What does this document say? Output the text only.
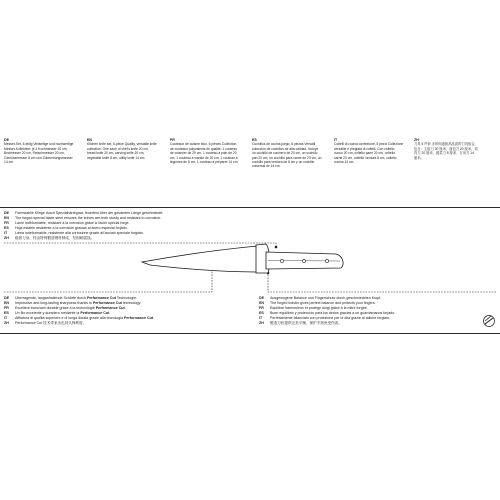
DE
Messer-Set, 6-teilig Vielseitige und hochwertige Messer-Kollektion: je 1 Kochmesser 20 cm, Brotmesser 20 cm, Fleischmesser 20 cm, Gemüsemesser 8 cm und Zubereitungsmesser 14 cm.
EN
Kitchen knife set, 6-piece Quality, versatile knife collection: One each of chef's knife 20 cm, bread knife 20 cm, carving knife 20 cm, vegetable knife 8 cm, utility knife 14 cm.
FR
Couteaux de cuisine bloc, 6 pièces Collection de couteaux polyvalents de qualité: 1 couteau de cuisinier de 20 cm, 1 couteau à pain de 20 cm, 1 couteau à viande de 20 cm, 1 couteau à légumes de 8 cm, 1 couteau à préparer 14 cm.
ES
Cuchillos de cocina juego, 6 piezas Versátil colección de cuchillos de alta calidad. Incluye un cuchillo de cocinero de 20 cm, un cuchillo pan 20 cm, un cuchillo para carne de 20 cm, un cuchillo para verdura de 8 cm y un cuchillo universal de 14 cm.
IT
Coltelli di cucina confezione, 5 pezzi Collezione versatile e pregiata di coltelli. Con coltello cuoco 20 cm, coltello pane 20 cm, coltello carne 20 cm, coltello verdura 8 cm, coltello cucina 14 cm.
ZH
刀具 5 件套 多种用途和高品质的刀具组合，包含：主厨刀 20 厘米、面包刀 20 厘米、切肉刀 20 厘米、蔬菜刀 8 厘米、万用刀 14 厘米。
DE Formstabile Klinge durch Spezialhärtegrad, feuerfest über der gesamten Länge geschmiedet.
EN The forged special blade steel ensures the knives are both sturdy and resistant to corrosion.
FR Lame indéformable, résistant à la corrosion grâce à l'acier spécial forgé.
ES Hoja estable resistente a la corrosión gracias al acero especial forjado.
IT Lama indeformabile, resistente alla corrosione grazie all'acciaio speciale forgiato.
ZH 稳固刀身，经由特殊锻造钢材制成，坚固耐腐蚀。
DE Überragende, langanhaltende Schärfe durch Performance Cut Technologie.
EN Impressive and long-lasting sharpness thanks to Performance Cut technology.
FR Excellent tranchant durable grâce à la technologie Performance Cut.
ES Un filo excelente y duradero mediante la Performance Cut.
IT Affilatura di qualità superiore e di lunga durata grazie alla tecnologia Performance Cut.
ZH Performance Cut 技术带来出色持久锋利度。
DE Ausgewogene Balance und Fingerschutz durch geschmiedeten Kropf.
EN The forged bolster gives perfect balance and protects your fingers.
FR Équilibre harmonieux et protège doigt grâce à la mitre forgée.
ES Buen equilibrio y protección para los dedos gracias a un guardamanos forjado.
IT Perfettamente bilanciato con protezione per le dita grazie al tallone forgiato.
ZH 锻造刀枕提供完美平衡，保护手指免受伤害。
